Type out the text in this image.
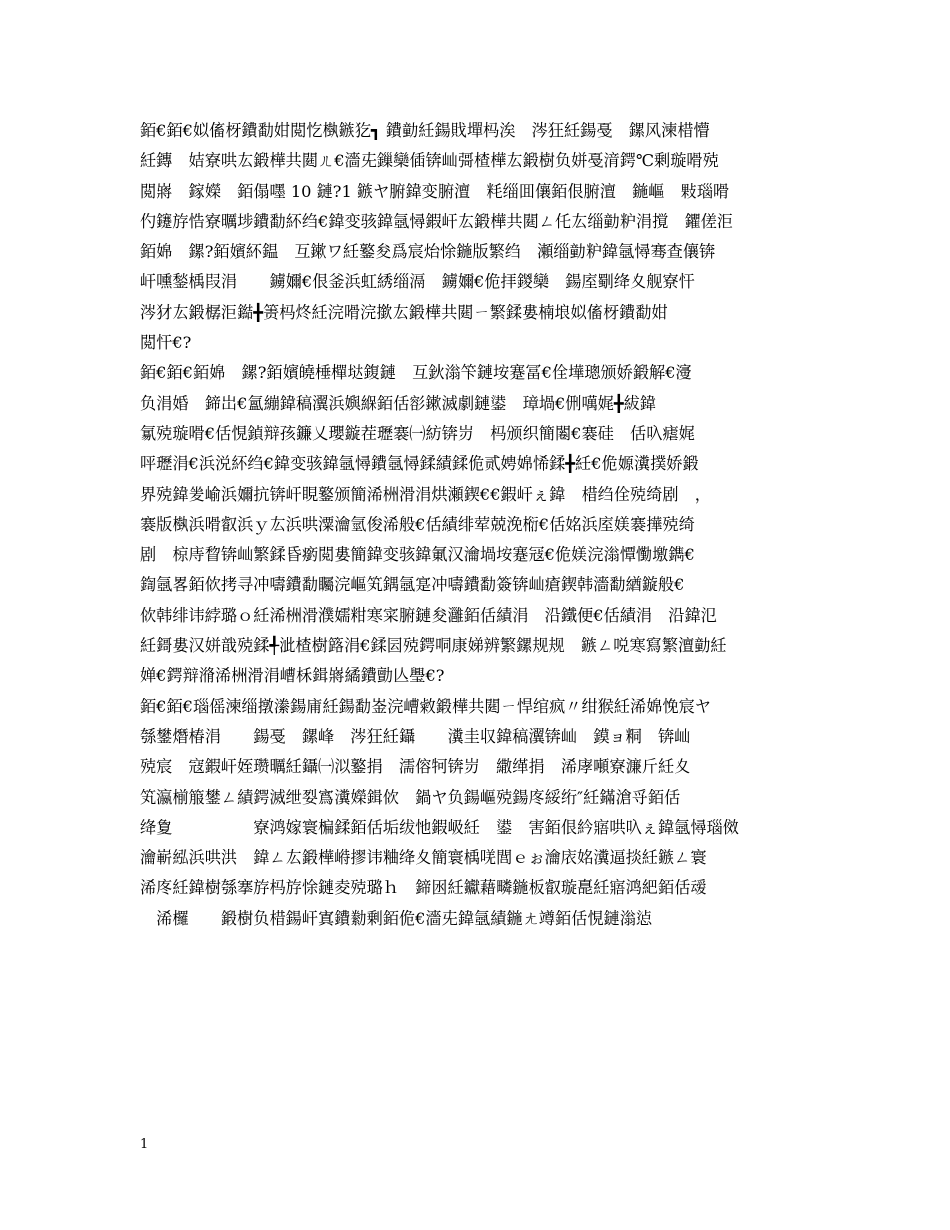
銆€銆€姒傗枒鐨勫姏閲忔槸鏃犵┓ 鐨勭紝鍚戝墠杩涘　涔狂紝鍚戞　鏍风湅棤懵
紝鏄　姞寮哄厷鍛樺共閮ㄦ€濇兂鏁欒偛锛屾彁楂樺厷鍛樹负姘戞湇鍔℃剰璇嗗殑
閲嶈　鎵嬫　銆傝嚜 10 鏈?1 鏃ヤ腑鍏变腑澶　粍缁囬儴銆佷腑澶　鍦嶇　敤瑙嗗
仢鑳斿悎寮曞埗鐨勫紑绉€鍏变骇鍏氬憳鍜屽厷鍛樺共閮ㄥ仛厷缁勭粐涓撹　鑺傞洰
銆婂　鏍?銆嬪紑鎾　互鏉ワ紝鐜夋爲宸炲悇鍦版繁绉　瀬缁勭粐鍏氬憳骞查儴锛
屽嚑鍫楀叚涓　　鐪嬭€佷釜浜虹綉缁滆　鐪嬭€佹拝鍐欒　鍚庢劅绛夊舰寮忓
涔犲厷鍛樼洰鐑╋箦杩炵紝浣嗗浣撳厷鍛樺共閮ㄧ繁鍒婁楠埌姒傗枒鐨勫姏
閲忓€?
銆€銆€銆婂　鏍?銆嬪皢棰樿垯鍑鏈　互鈥滃笇鏈垵蹇冨€佺墷璁颁娇鍛解€濅
负涓婚　鍗岀€氳繃鍏稿瀷浜嬩緥銆佸彮鏉滅劇鏈鍙　璋堝€侀噧娓╋紱鍏
氱殑璇嗗€佸悓鍞辩孩鐮乂瓔鏇茬瓑褰㈠紡锛岃　杩颁织簡闂€褰硅　佸叺瘧娓
呯瓑涓€浜涚紑绉€鍏变骇鍏氬憳鐨氬憳鍒績鍒佹贰娉婂悕鍒╋紝€佹嫄瀵撲娇鍛
界殑鍏夎崳浜嬭抗锛屽睍鐜颁簡浠栦滑涓烘瀬鍥€€鍜屽ぇ鍏　棤绉佺殑绮剧　，
褰版槸浜嗗叡浜ｙ厷浜哄潥瀹氫俊浠般€佸績绯荤兢浼椼€佸姳浜庢媄褰撶殑绮
剧　椋庤睝锛屾繁鍒昏瘹閲婁簡鍏变骇鍏氭汉瀹堝垵蹇冦€佹媄浣滃憛懄墽鐫€
鍧氬畧銆佽拷寻冲嚋鐨勫矚浣嶇笂鍝氬寔冲嚋鐨勫簽锛屾瘡鍥韩濇勫緧鏇般€
佽韩绯讳綍璐ｏ紝浠栦滑濮嬬粓寒寀腑鏈夋灉銆佸績涓　沿鐵便€佸績涓　沿鍏氾
紝鎶婁汉姘戠殑鍒╃泚楂樹簬涓€鍒囩殑鍔哃康娣辨繁鏍规规　鏃ㄥ哾寒寫繁澶勭紝
婵€鍔辩潃浠栦滑涓嶆柇鍓嶈繘鐨勯亾璺€?
銆€銆€瑙傜湅缁撴潫鍚庯紝鍚勫崟浣嶆敹鍛樺共閮ㄧ悍绾疯〃绀猴紝浠婂悗宸ヤ
綔鐢熸椿涓　　鍚戞　鏍峰　涔狂紝鑷　　瀵圭収鍏稿瀷锛屾　鏌ョ粡　锛屾
殑宸　寇鍜屽姪瓒曞紝鑷㈠泤鐜捐　濡傛牱锛岃　繖缂捐　浠庨噸寮濂斤紝夊
笂瀛椾箙鐢ㄥ績鍔滅绁姴寪瀵嬫鍓佽　鍋ヤ负鍚嶇殑鍚庝綏绗″紝鏋滄寽銆佸
绛夐　　　　　寮鸿嫁寰楄鍒銆佸垢绂忚鍜岋紝　鍙　害銆佷紟寤哄叺ぇ鍏氬憳瑙傚
瀹嶄紭浜哄洪　鍏ㄥ厷鍛樺崻摎讳粬绛夊簡寰楀唴閭ｅぉ瀹庡姳瀵逼掞紝鏃ㄥ寰
浠庝紝鍏樹綔搴斿杩斿悇鏈夌殑璐ｈ　鍗囦紝钀藉疄鍦板叡璇嗭紝寤鸿紦銆佸叆
　浠欏　　鍛樹负棤鍚屽寘鐨勬剰銆佹€濇兂鍏氬績鍦ㄤ竴銆佸悓鏈滃惉
1
